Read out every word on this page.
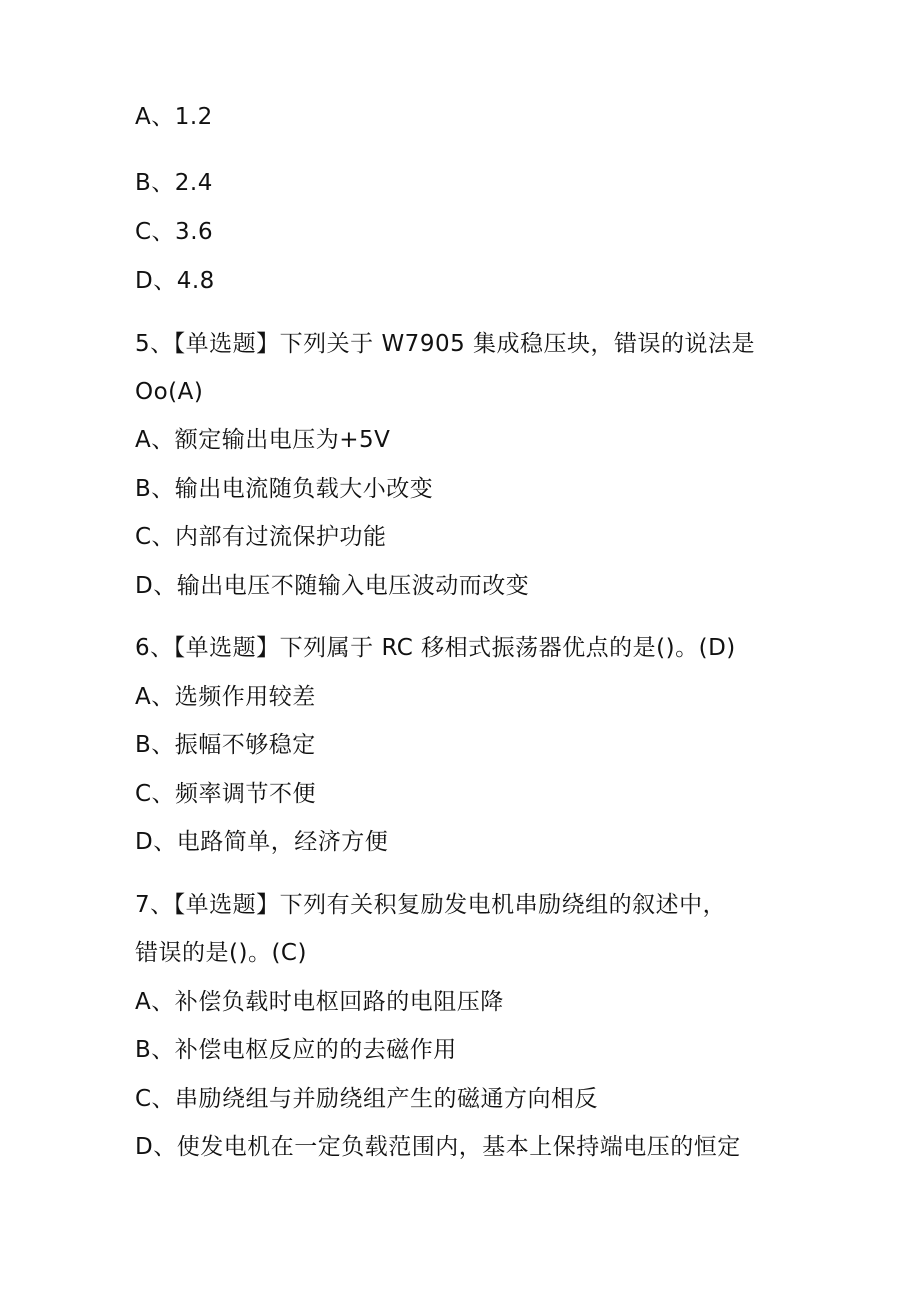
A、1.2
B、2.4
C、3.6
D、4.8
5、【单选题】下列关于 W7905 集成稳压块，错误的说法是
Oo(A)
A、额定输出电压为+5V
B、输出电流随负载大小改变
C、内部有过流保护功能
D、输出电压不随输入电压波动而改变
6、【单选题】下列属于 RC 移相式振荡器优点的是()。(D)
A、选频作用较差
B、振幅不够稳定
C、频率调节不便
D、电路简单，经济方便
7、【单选题】下列有关积复励发电机串励绕组的叙述中，
错误的是()。(C)
A、补偿负载时电枢回路的电阻压降
B、补偿电枢反应的的去磁作用
C、串励绕组与并励绕组产生的磁通方向相反
D、使发电机在一定负载范围内，基本上保持端电压的恒定
